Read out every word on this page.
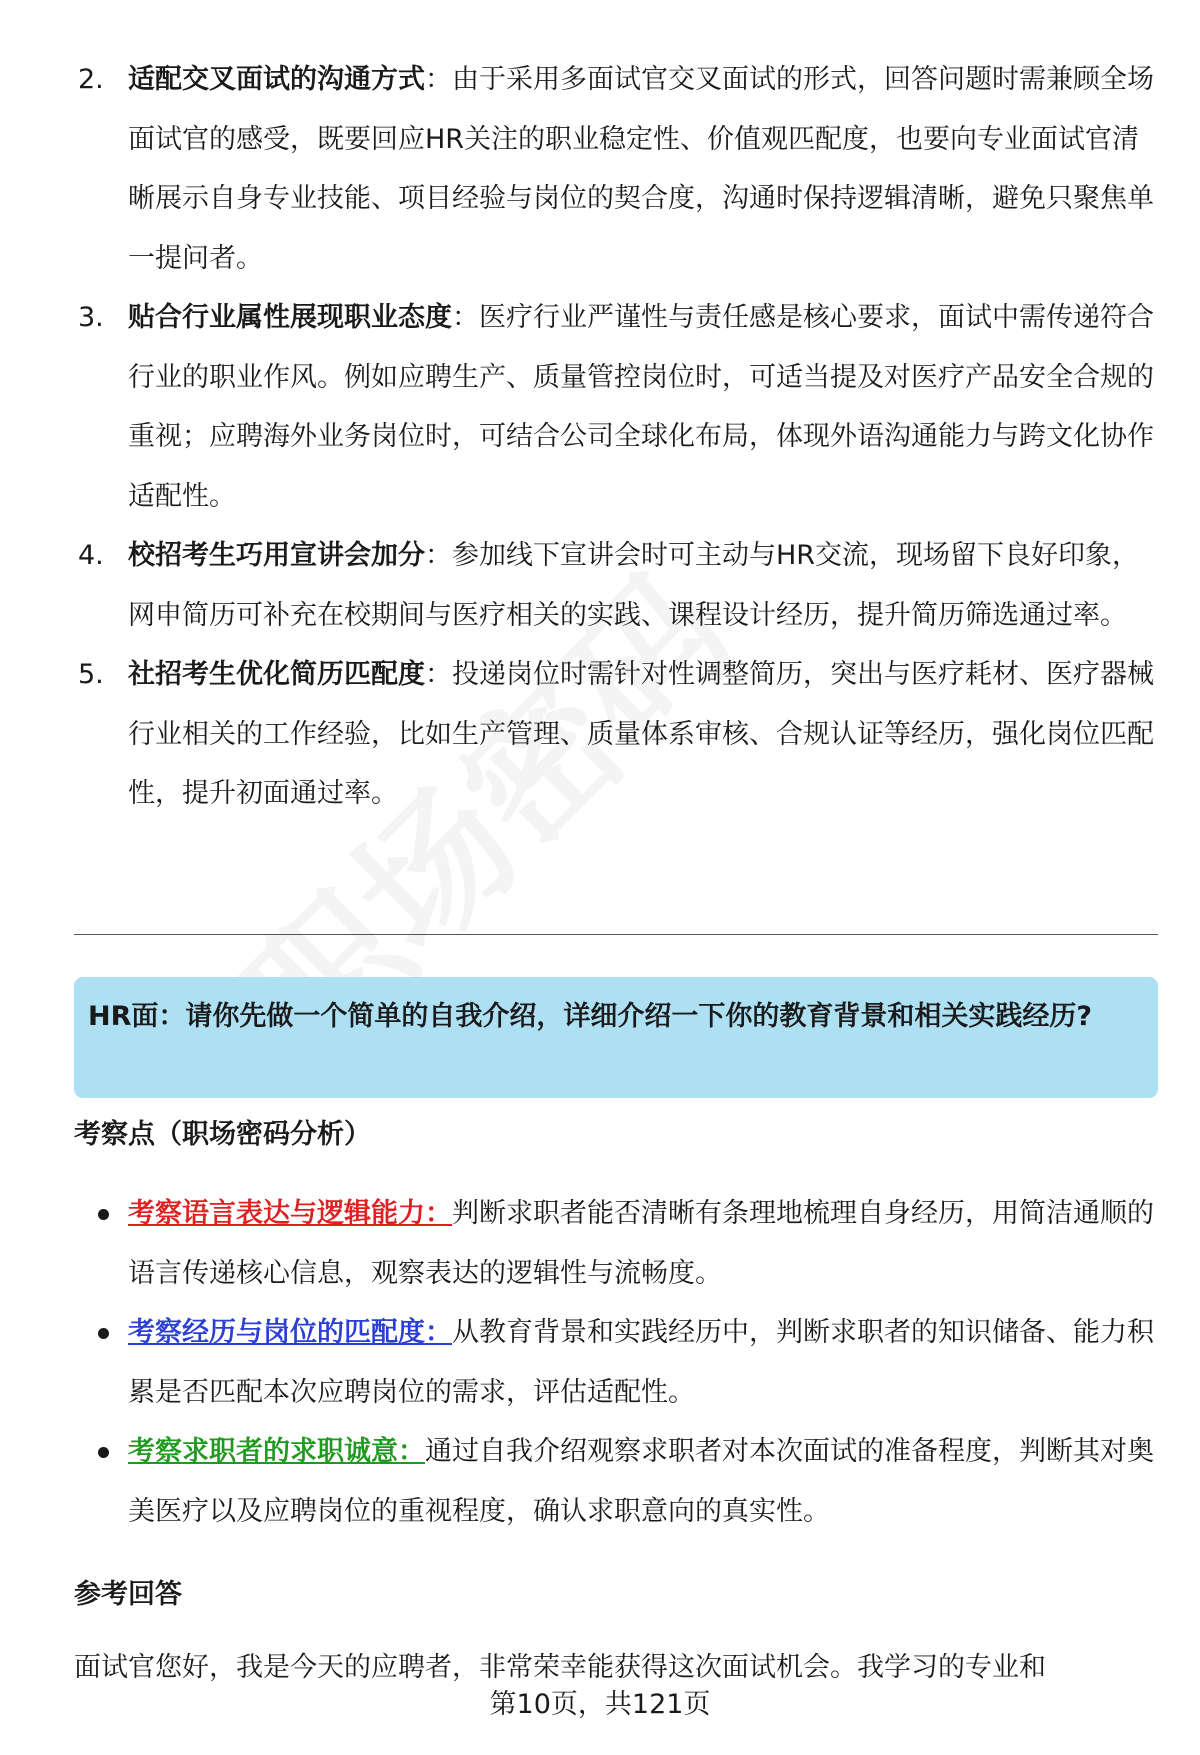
2. 适配交叉面试的沟通方式：由于采用多面试官交叉面试的形式，回答问题时需兼顾全场面试官的感受，既要回应HR关注的职业稳定性、价值观匹配度，也要向专业面试官清晰展示自身专业技能、项目经验与岗位的契合度，沟通时保持逻辑清晰，避免只聚焦单一提问者。
3. 贴合行业属性展现职业态度：医疗行业严谨性与责任感是核心要求，面试中需传递符合行业的职业作风。例如应聘生产、质量管控岗位时，可适当提及对医疗产品安全合规的重视；应聘海外业务岗位时，可结合公司全球化布局，体现外语沟通能力与跨文化协作适配性。
4. 校招考生巧用宣讲会加分：参加线下宣讲会时可主动与HR交流，现场留下良好印象，网申简历可补充在校期间与医疗相关的实践、课程设计经历，提升简历筛选通过率。
5. 社招考生优化简历匹配度：投递岗位时需针对性调整简历，突出与医疗耗材、医疗器械行业相关的工作经验，比如生产管理、质量体系审核、合规认证等经历，强化岗位匹配性，提升初面通过率。
HR面：请你先做一个简单的自我介绍，详细介绍一下你的教育背景和相关实践经历?
考察点（职场密码分析）
考察语言表达与逻辑能力：判断求职者能否清晰有条理地梳理自身经历，用简洁通顺的语言传递核心信息，观察表达的逻辑性与流畅度。
考察经历与岗位的匹配度：从教育背景和实践经历中，判断求职者的知识储备、能力积累是否匹配本次应聘岗位的需求，评估适配性。
考察求职者的求职诚意：通过自我介绍观察求职者对本次面试的准备程度，判断其对奥美医疗以及应聘岗位的重视程度，确认求职意向的真实性。
参考回答
面试官您好，我是今天的应聘者，非常荣幸能获得这次面试机会。我学习的专业和
第10页，共121页
